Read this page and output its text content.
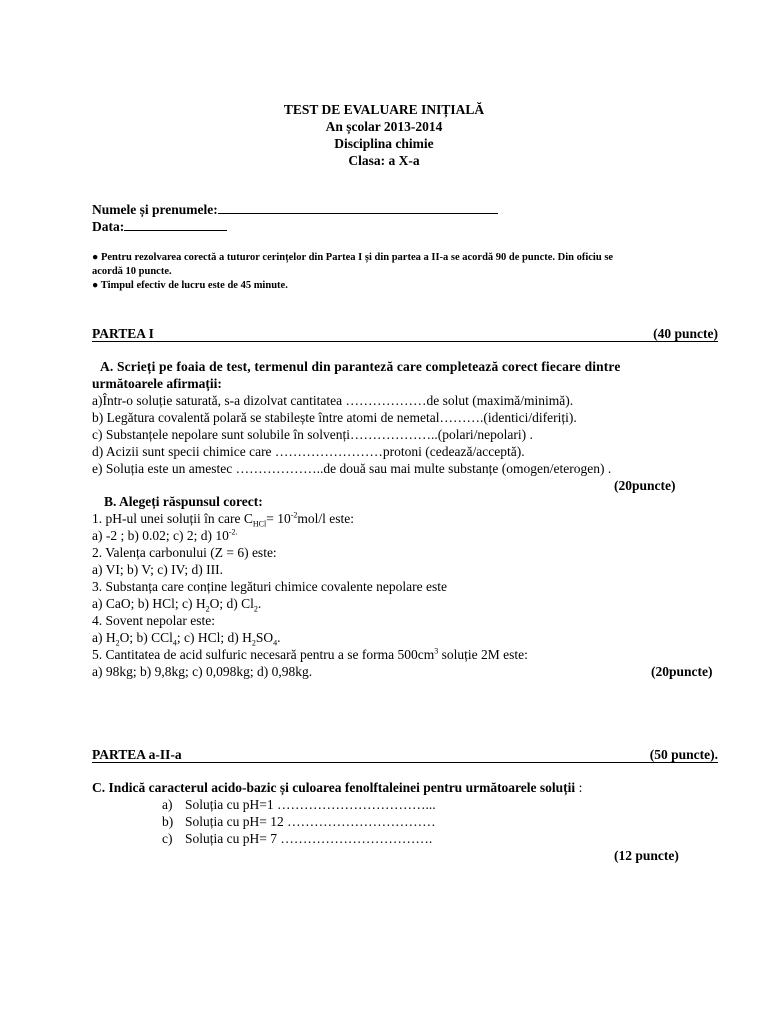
TEST DE EVALUARE INIȚIALĂ
An școlar 2013-2014
Disciplina chimie
Clasa: a X-a
Numele și prenumele:
Data:
● Pentru rezolvarea corectă a tuturor cerințelor din Partea I și din partea a II-a se acordă 90 de puncte. Din oficiu se
acordă 10 puncte.
● Timpul efectiv de lucru este de 45 minute.
PARTEA I	(40 puncte)
A. Scrieți pe foaia de test, termenul din paranteză care completează corect fiecare dintre
următoarele afirmații:
a)Într-o soluție saturată, s-a dizolvat cantitatea ………………de solut (maximă/minimă).
b) Legătura covalentă polară se stabilește între atomi de nemetal……….(identici/diferiți).
c) Substanțele nepolare sunt solubile în solvenți………………..(polari/nepolari) .
d) Acizii sunt specii chimice care ……………………protoni (cedează/acceptă).
e) Soluția este un amestec ………………..de două sau mai multe substanțe (omogen/eterogen) .
(20puncte)
B. Alegeți răspunsul corect:
1. pH-ul unei soluții în care $C_{HCl}= 10^{-2}mol/l$ este:
a) -2 ; b) 0.02; c) 2; d) $10^{-2.}$
2. Valența carbonului (Z = 6) este:
a) VI; b) V; c) IV; d) III.
3. Substanța care conține legături chimice covalente nepolare este
a) CaO; b) HCl; c) $H_2O$; d) $Cl_2$.
4. Sovent nepolar este:
a) $H_2O$; b) CCl$_4$; c) HCl; d) $H_2SO_4$.
5. Cantitatea de acid sulfuric necesară pentru a se forma $500cm^3$ soluție 2M este:
a) 98kg; b) 9,8kg; c) 0,098kg; d) 0,98kg.	(20puncte)
PARTEA a-II-a	(50 puncte).
C. Indică caracterul acido-bazic și culoarea fenolftaleinei pentru următoarele soluții :
a) Soluția cu pH=1 ……………………………...
b) Soluția cu pH= 12 ……………………………
c) Soluția cu pH= 7 …………………………….
(12 puncte)
